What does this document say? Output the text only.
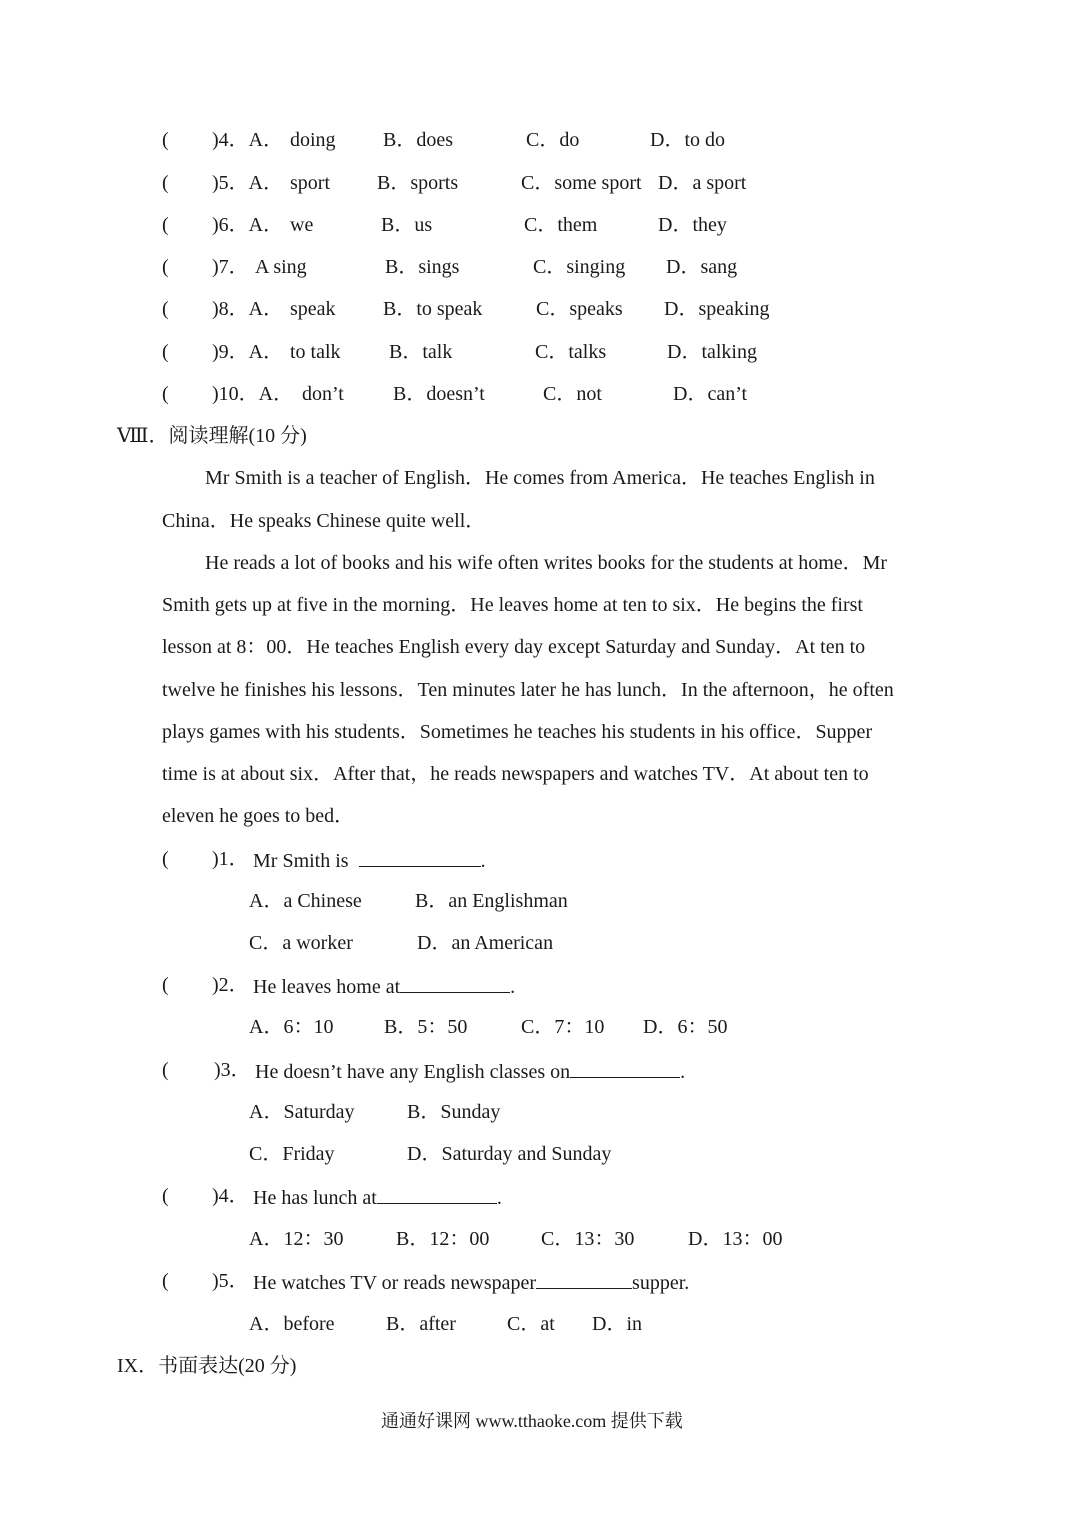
( )4．A． doing B．does	C．do	D．to do
( )5．A． sport B．sports	C．some sport D．a sport
( )6．A． we	B．us	C．them	D．they
( )7． A sing	B．sings	C．singing D．sang
( )8．A． speak B．to speak	C．speaks D．speaking
( )9．A． to talk B．talk	C．talks	D．talking
( )10．A． don’t B．doesn’t	C．not	D．can’t
Ⅷ．阅读理解(10 分)
Mr Smith is a teacher of English．He comes from America．He teaches English in
China．He speaks Chinese quite well．
He reads a lot of books and his wife often writes books for the students at home．Mr
Smith gets up at five in the morning．He leaves home at ten to six．He begins the first
lesson at 8：00．He teaches English every day except Saturday and Sunday．At ten to
twelve he finishes his lessons．Ten minutes later he has lunch．In the afternoon，he often
plays games with his students．Sometimes he teaches his students in his office．Supper
time is at about six．After that，he reads newspapers and watches TV．At about ten to
eleven he goes to bed．
( )1． Mr Smith is	.
A．a Chinese	B．an Englishman
C．a worker	D．an American
( )2． He leaves home at	.
A．6：10	B．5：50	C．7：10 D．6：50
( )3． He doesn’t have any English classes on	.
A．Saturday	B．Sunday
C．Friday	D．Saturday and Sunday
( )4． He has lunch at	.
A．12：30	B．12：00	C．13：30	D．13：00
( )5． He watches TV or reads newspaper	supper.
A．before	B．after	C．at D．in
IX．书面表达(20 分)
通通好课网 www.tthaoke.com 提供下载
